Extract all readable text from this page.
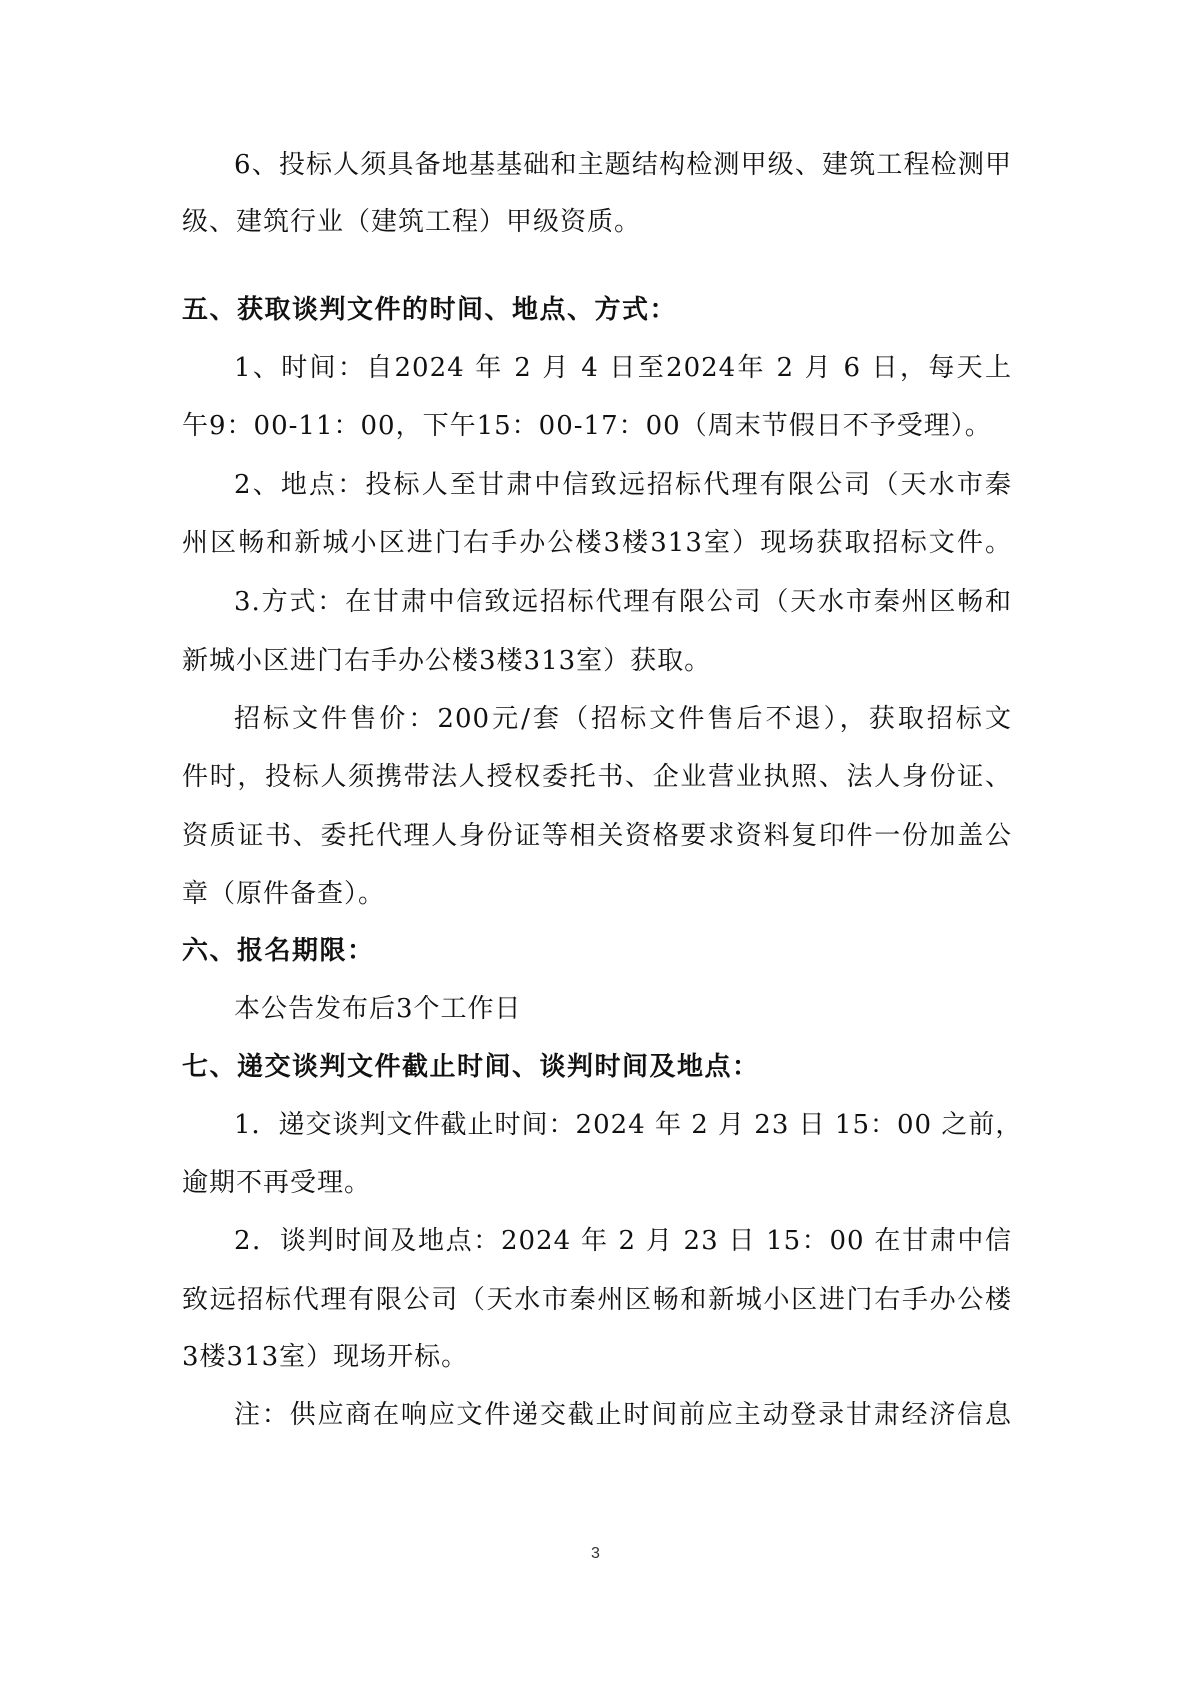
6、投标人须具备地基基础和主题结构检测甲级、建筑工程检测甲
级、建筑行业（建筑工程）甲级资质。
五、获取谈判文件的时间、地点、方式：
1、时间：自2024 年 2 月 4 日至2024年 2 月 6 日，每天上
午9：00-11：00，下午15：00-17：00（周末节假日不予受理）。
2、地点：投标人至甘肃中信致远招标代理有限公司（天水市秦
州区畅和新城小区进门右手办公楼3楼313室）现场获取招标文件。
3.方式：在甘肃中信致远招标代理有限公司（天水市秦州区畅和
新城小区进门右手办公楼3楼313室）获取。
招标文件售价：200元/套（招标文件售后不退），获取招标文
件时，投标人须携带法人授权委托书、企业营业执照、法人身份证、
资质证书、委托代理人身份证等相关资格要求资料复印件一份加盖公
章（原件备查）。
六、报名期限：
本公告发布后3个工作日
七、递交谈判文件截止时间、谈判时间及地点：
1．递交谈判文件截止时间：2024 年 2 月 23 日 15：00 之前，
逾期不再受理。
2．谈判时间及地点：2024 年 2 月 23 日 15：00 在甘肃中信
致远招标代理有限公司（天水市秦州区畅和新城小区进门右手办公楼
3楼313室）现场开标。
注：供应商在响应文件递交截止时间前应主动登录甘肃经济信息
3
